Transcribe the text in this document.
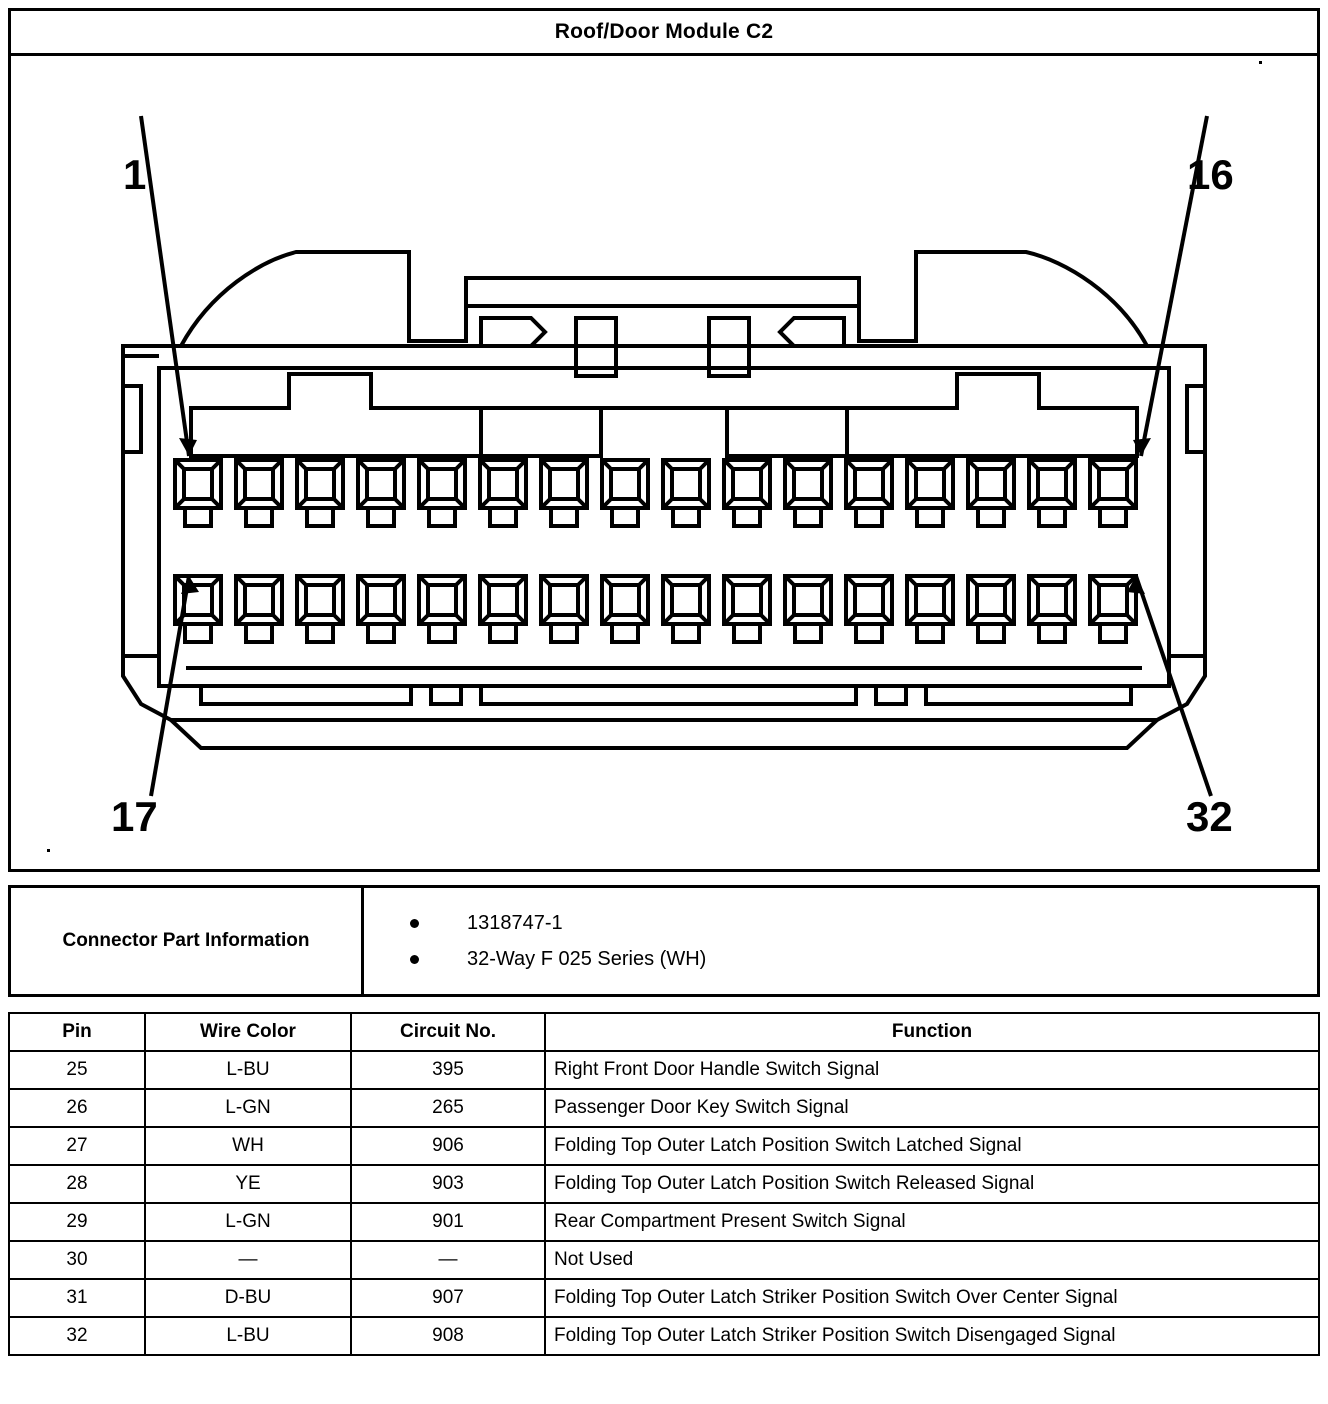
Roof/Door Module C2
1	16
17	32
Connector Part Information	
1318747-1
32-Way F 025 Series (WH)
Pin	Wire Color	Circuit No.	Function
25	L-BU	395	Right Front Door Handle Switch Signal
26	L-GN	265	Passenger Door Key Switch Signal
27	WH	906	Folding Top Outer Latch Position Switch Latched Signal
28	YE	903	Folding Top Outer Latch Position Switch Released Signal
29	L-GN	901	Rear Compartment Present Switch Signal
30	—	—	Not Used
31	D-BU	907	Folding Top Outer Latch Striker Position Switch Over Center Signal
32	L-BU	908	Folding Top Outer Latch Striker Position Switch Disengaged Signal
